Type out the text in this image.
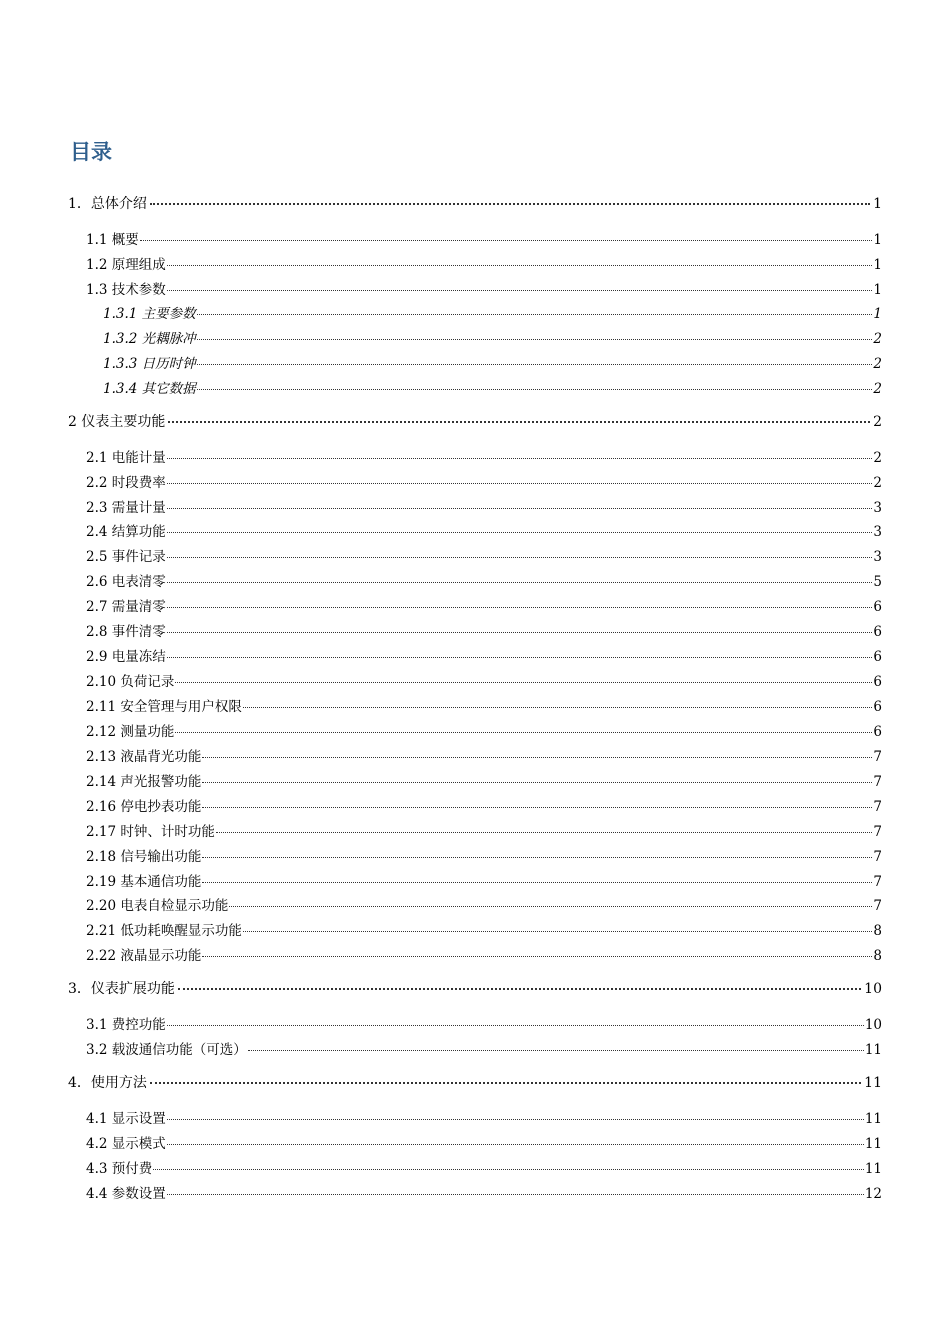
目录
1．总体介绍	1
1.1 概要	1
1.2 原理组成	1
1.3 技术参数	1
1.3.1 主要参数	1
1.3.2 光耦脉冲	2
1.3.3 日历时钟	2
1.3.4 其它数据	2
2 仪表主要功能	2
2.1 电能计量	2
2.2 时段费率	2
2.3 需量计量	3
2.4 结算功能	3
2.5 事件记录	3
2.6 电表清零	5
2.7 需量清零	6
2.8 事件清零	6
2.9 电量冻结	6
2.10 负荷记录	6
2.11 安全管理与用户权限	6
2.12 测量功能	6
2.13 液晶背光功能	7
2.14 声光报警功能	7
2.16 停电抄表功能	7
2.17 时钟、计时功能	7
2.18 信号输出功能	7
2.19 基本通信功能	7
2.20 电表自检显示功能	7
2.21 低功耗唤醒显示功能	8
2.22 液晶显示功能	8
3．仪表扩展功能	10
3.1 费控功能	10
3.2 载波通信功能（可选）	11
4．使用方法	11
4.1 显示设置	11
4.2 显示模式	11
4.3 预付费	11
4.4 参数设置	12
